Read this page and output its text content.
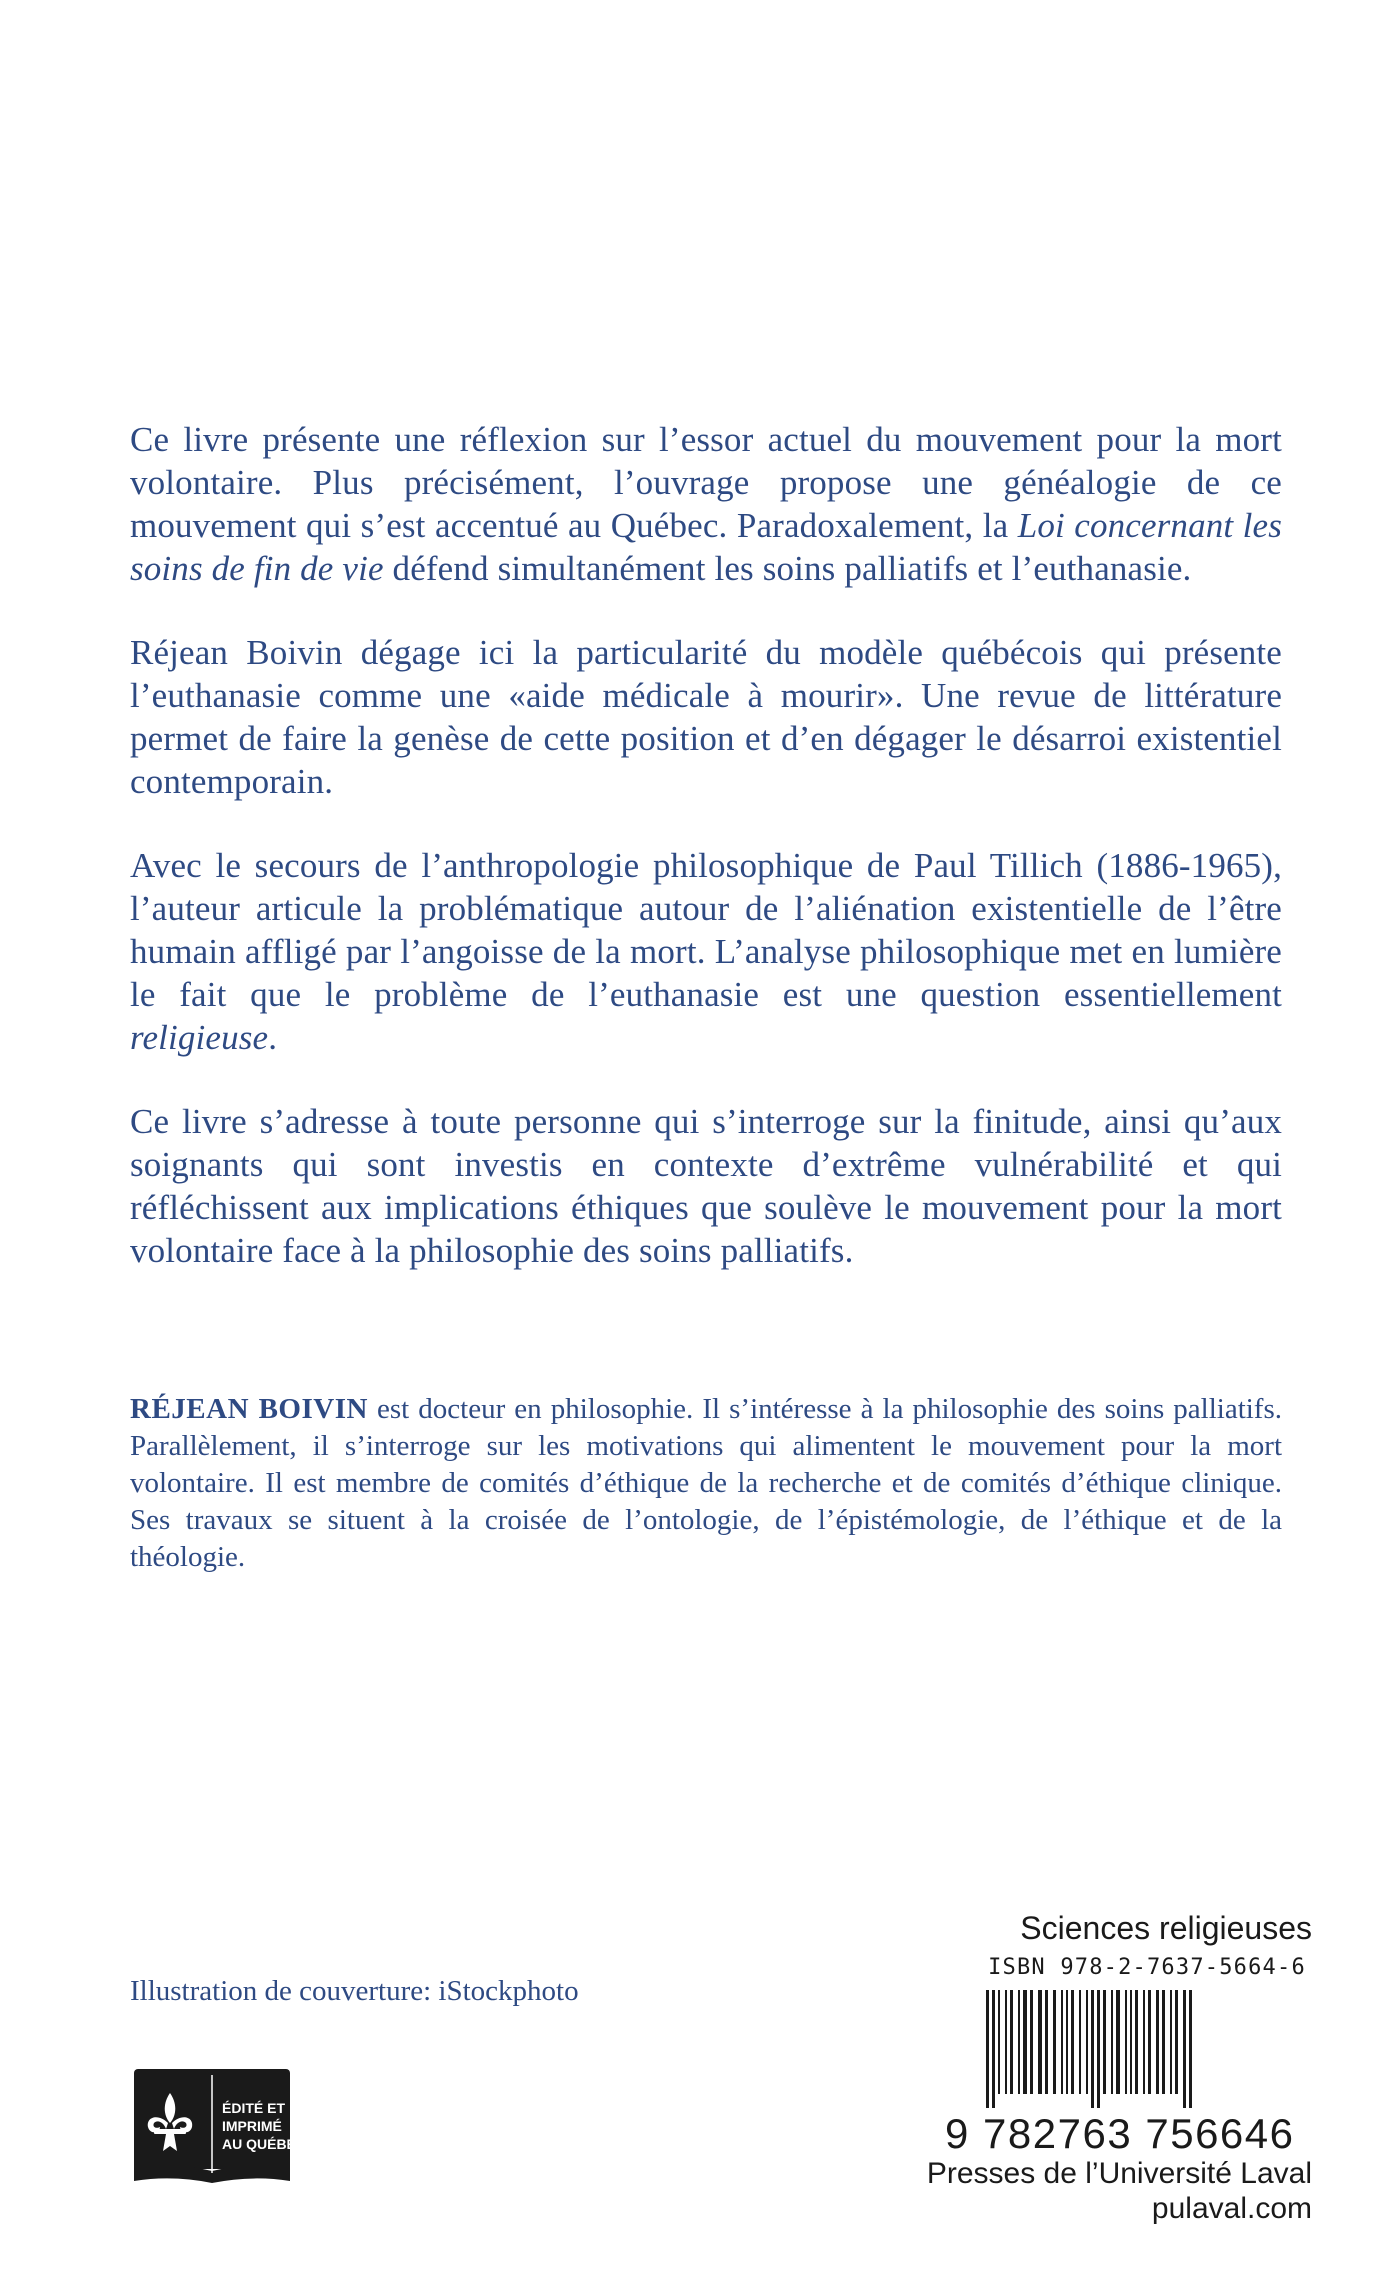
Ce livre présente une réflexion sur l’essor actuel du mouvement pour la mort volontaire. Plus précisément, l’ouvrage propose une généalogie de ce mouvement qui s’est accentué au Québec. Paradoxalement, la Loi concernant les soins de fin de vie défend simultanément les soins palliatifs et l’euthanasie.

Réjean Boivin dégage ici la particularité du modèle québécois qui présente l’euthanasie comme une «aide médicale à mourir». Une revue de littérature permet de faire la genèse de cette position et d’en dégager le désarroi existentiel contemporain.

Avec le secours de l’anthropologie philosophique de Paul Tillich (1886-1965), l’auteur articule la problématique autour de l’aliénation existentielle de l’être humain affligé par l’angoisse de la mort. L’analyse philosophique met en lumière le fait que le problème de l’euthanasie est une question essentiellement religieuse.

Ce livre s’adresse à toute personne qui s’interroge sur la finitude, ainsi qu’aux soignants qui sont investis en contexte d’extrême vulnérabilité et qui réfléchissent aux implications éthiques que soulève le mouvement pour la mort volontaire face à la philosophie des soins palliatifs.

RÉJEAN BOIVIN est docteur en philosophie. Il s’intéresse à la philosophie des soins palliatifs. Parallèlement, il s’interroge sur les motivations qui alimentent le mouvement pour la mort volontaire. Il est membre de comités d’éthique de la recherche et de comités d’éthique clinique. Ses travaux se situent à la croisée de l’ontologie, de l’épistémologie, de l’éthique et de la théologie.

Illustration de couverture: iStockphoto
ÉDITÉ ET
IMPRIMÉ
AU QUÉBEC
Sciences religieuses
ISBN 978-2-7637-5664-6
9 782763 756646
Presses de l’Université Laval
pulaval.com
